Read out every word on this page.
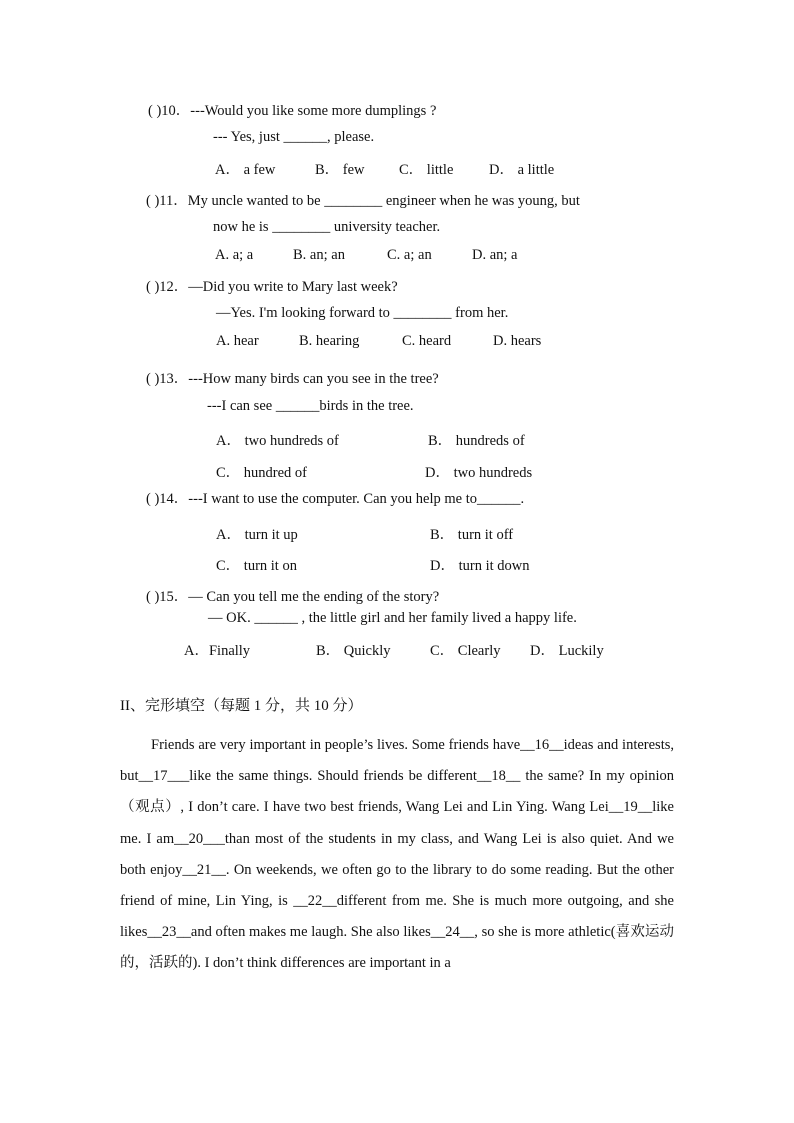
( )10．---Would you like some more dumplings ?
--- Yes, just ______, please.
A． a few	B． few C． little D． a little
( )11．My uncle wanted to be ________ engineer when he was young, but
now he is ________ university teacher.
A. a; a	B. an; an	C. a; an	D. an; a
( )12．—Did you write to Mary last week?
—Yes. I'm looking forward to ________ from her.
A. hear	B. hearing	C. heard	D. hears
( )13．---How many birds can you see in the tree?
---I can see ______birds in the tree.
A． two hundreds of	B． hundreds of
C． hundred of	D． two hundreds
( )14．---I want to use the computer. Can you help me to______.
A． turn it up	B． turn it off
C． turn it on	D． turn it down
( )15．— Can you tell me the ending of the story?
— OK. ______ , the little girl and her family lived a happy life.
A．Finally	B． Quickly	C． Clearly D． Luckily
II、完形填空（每题 1 分，共 10 分）
Friends are very important in people’s lives. Some friends have__16__ideas and interests, but__17___like the same things. Should friends be different__18__ the same? In my opinion （观点）, I don’t care. I have two best friends, Wang Lei and Lin Ying. Wang Lei__19__like me. I am__20___than most of the students in my class, and Wang Lei is also quiet. And we both enjoy__21__. On weekends, we often go to the library to do some reading. But the other friend of mine, Lin Ying, is __22__different from me. She is much more outgoing, and she likes__23__and often makes me laugh. She also likes__24__, so she is more athletic(喜欢运动的，活跃的). I don’t think differences are important in a
